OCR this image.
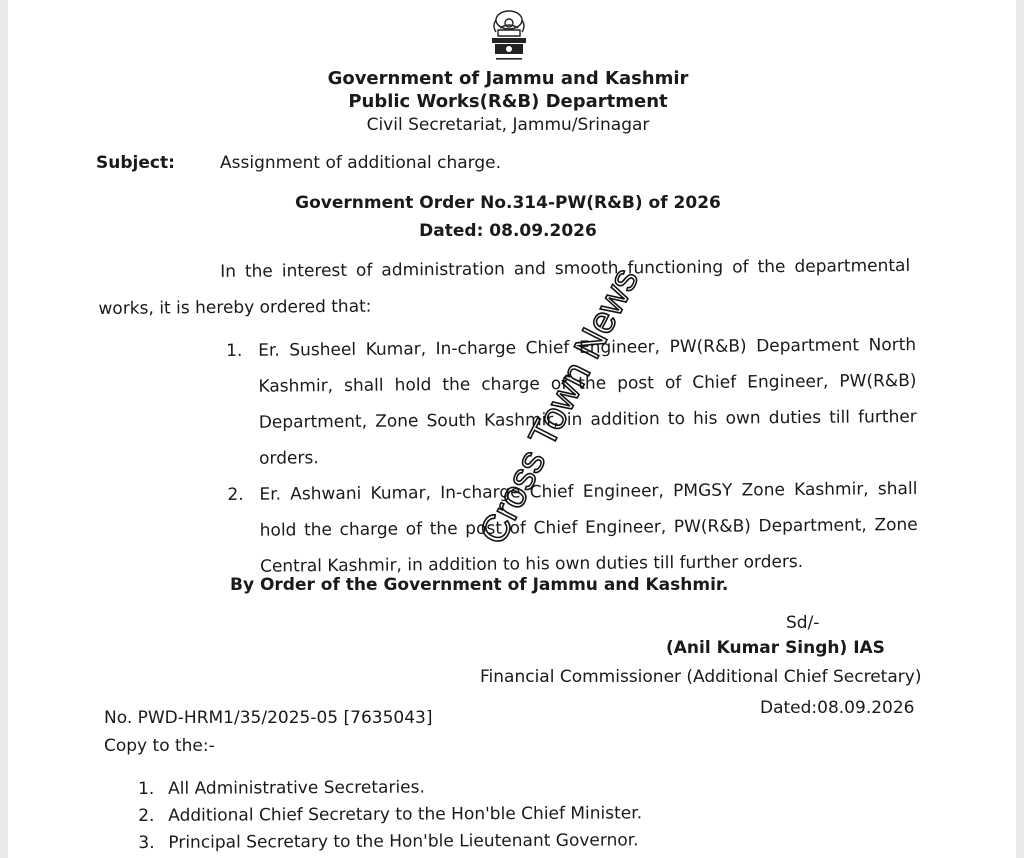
Government of Jammu and Kashmir
Public Works(R&B) Department
Civil Secretariat, Jammu/Srinagar
Subject:	Assignment of additional charge.
Government Order No.314-PW(R&B) of 2026
Dated: 08.09.2026
In the interest of administration and smooth functioning of the departmental works, it is hereby ordered that:
1. Er. Susheel Kumar, In-charge Chief Engineer, PW(R&B) Department North Kashmir, shall hold the charge of the post of Chief Engineer, PW(R&B) Department, Zone South Kashmir, in addition to his own duties till further orders.
2. Er. Ashwani Kumar, In-charge Chief Engineer, PMGSY Zone Kashmir, shall hold the charge of the post of Chief Engineer, PW(R&B) Department, Zone Central Kashmir, in addition to his own duties till further orders.
By Order of the Government of Jammu and Kashmir.
Sd/-
(Anil Kumar Singh) IAS
Financial Commissioner (Additional Chief Secretary)
Dated:08.09.2026
No. PWD-HRM1/35/2025-05 [7635043]
Copy to the:-
1. All Administrative Secretaries.
2. Additional Chief Secretary to the Hon'ble Chief Minister.
3. Principal Secretary to the Hon'ble Lieutenant Governor.
Cross Town News
